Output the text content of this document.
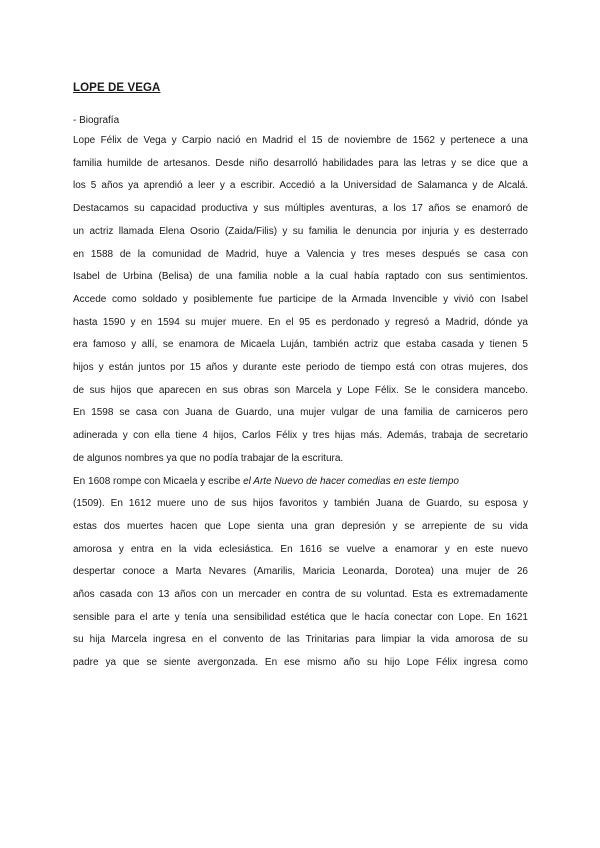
LOPE DE VEGA
- Biografía
Lope Félix de Vega y Carpio nació en Madrid el 15 de noviembre de 1562 y pertenece a una
familia humilde de artesanos. Desde niño desarrolló habilidades para las letras y se dice que a
los 5 años ya aprendió a leer y a escribir. Accedió a la Universidad de Salamanca y de Alcalá.
Destacamos su capacidad productiva y sus múltiples aventuras, a los 17 años se enamoró de
un actriz llamada Elena Osorio (Zaida/Filis) y su familia le denuncia por injuria y es desterrado
en 1588 de la comunidad de Madrid, huye a Valencia y tres meses después se casa con
Isabel de Urbina (Belisa) de una familia noble a la cual había raptado con sus sentimientos.
Accede como soldado y posiblemente fue participe de la Armada Invencible y vivió con Isabel
hasta 1590 y en 1594 su mujer muere. En el 95 es perdonado y regresó a Madrid, dónde ya
era famoso y allí, se enamora de Micaela Luján, también actriz que estaba casada y tienen 5
hijos y están juntos por 15 años y durante este periodo de tiempo está con otras mujeres, dos
de sus hijos que aparecen en sus obras son Marcela y Lope Félix. Se le considera mancebo.
En 1598 se casa con Juana de Guardo, una mujer vulgar de una familia de carniceros pero
adinerada y con ella tiene 4 hijos, Carlos Félix y tres hijas más. Además, trabaja de secretario
de algunos nombres ya que no podía trabajar de la escritura.
En 1608 rompe con Micaela y escribe el Arte Nuevo de hacer comedias en este tiempo
(1509). En 1612 muere uno de sus hijos favoritos y también Juana de Guardo, su esposa y
estas dos muertes hacen que Lope sienta una gran depresión y se arrepiente de su vida
amorosa y entra en la vida eclesiástica. En 1616 se vuelve a enamorar y en este nuevo
despertar conoce a Marta Nevares (Amarilis, Maricia Leonarda, Dorotea) una mujer de 26
años casada con 13 años con un mercader en contra de su voluntad. Esta es extremadamente
sensible para el arte y tenía una sensibilidad estética que le hacía conectar con Lope. En 1621
su hija Marcela ingresa en el convento de las Trinitarias para limpiar la vida amorosa de su
padre ya que se siente avergonzada. En ese mismo año su hijo Lope Félix ingresa como
